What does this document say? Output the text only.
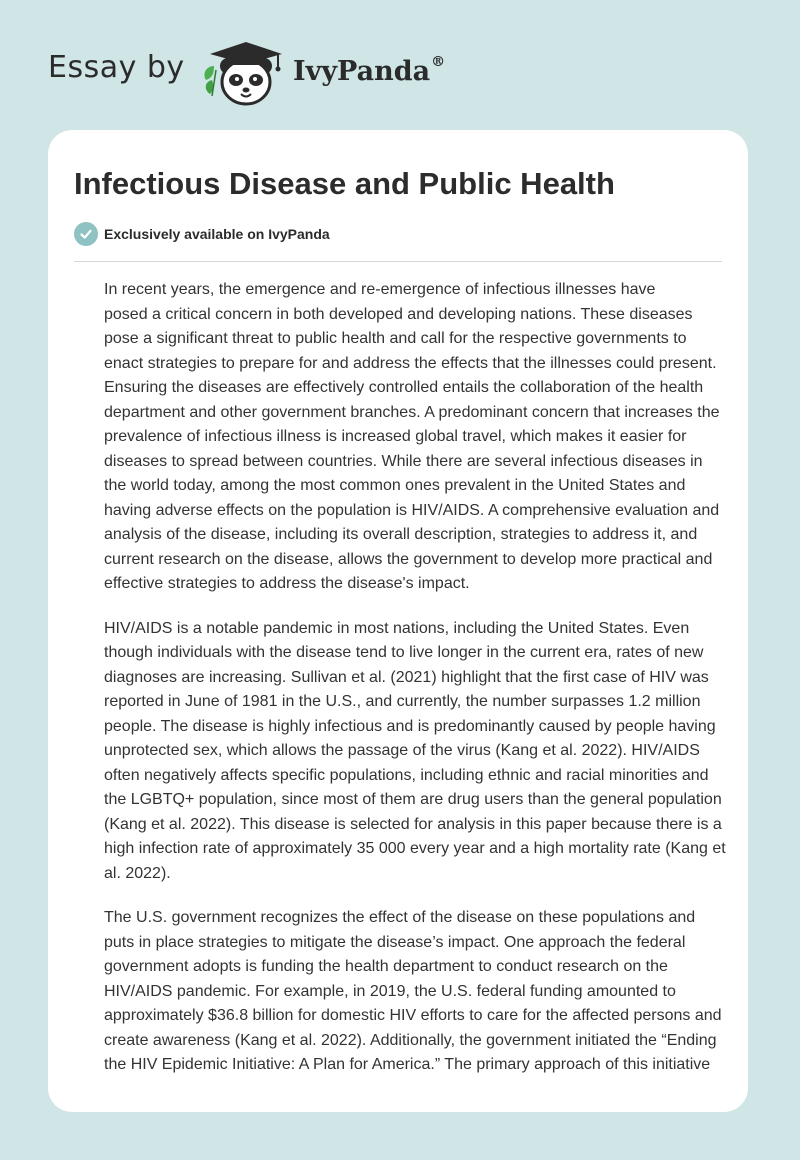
Essay by	IvyPanda®
Infectious Disease and Public Health
Exclusively available on IvyPanda

In recent years, the emergence and re-emergence of infectious illnesses have
posed a critical concern in both developed and developing nations. These diseases
pose a significant threat to public health and call for the respective governments to
enact strategies to prepare for and address the effects that the illnesses could present.
Ensuring the diseases are effectively controlled entails the collaboration of the health
department and other government branches. A predominant concern that increases the
prevalence of infectious illness is increased global travel, which makes it easier for
diseases to spread between countries. While there are several infectious diseases in
the world today, among the most common ones prevalent in the United States and
having adverse effects on the population is HIV/AIDS. A comprehensive evaluation and
analysis of the disease, including its overall description, strategies to address it, and
current research on the disease, allows the government to develop more practical and
effective strategies to address the disease's impact.

HIV/AIDS is a notable pandemic in most nations, including the United States. Even
though individuals with the disease tend to live longer in the current era, rates of new
diagnoses are increasing. Sullivan et al. (2021) highlight that the first case of HIV was
reported in June of 1981 in the U.S., and currently, the number surpasses 1.2 million
people. The disease is highly infectious and is predominantly caused by people having
unprotected sex, which allows the passage of the virus (Kang et al. 2022). HIV/AIDS
often negatively affects specific populations, including ethnic and racial minorities and
the LGBTQ+ population, since most of them are drug users than the general population
(Kang et al. 2022). This disease is selected for analysis in this paper because there is a
high infection rate of approximately 35 000 every year and a high mortality rate (Kang et
al. 2022).

The U.S. government recognizes the effect of the disease on these populations and
puts in place strategies to mitigate the disease’s impact. One approach the federal
government adopts is funding the health department to conduct research on the
HIV/AIDS pandemic. For example, in 2019, the U.S. federal funding amounted to
approximately $36.8 billion for domestic HIV efforts to care for the affected persons and
create awareness (Kang et al. 2022). Additionally, the government initiated the “Ending
the HIV Epidemic Initiative: A Plan for America.” The primary approach of this initiative
